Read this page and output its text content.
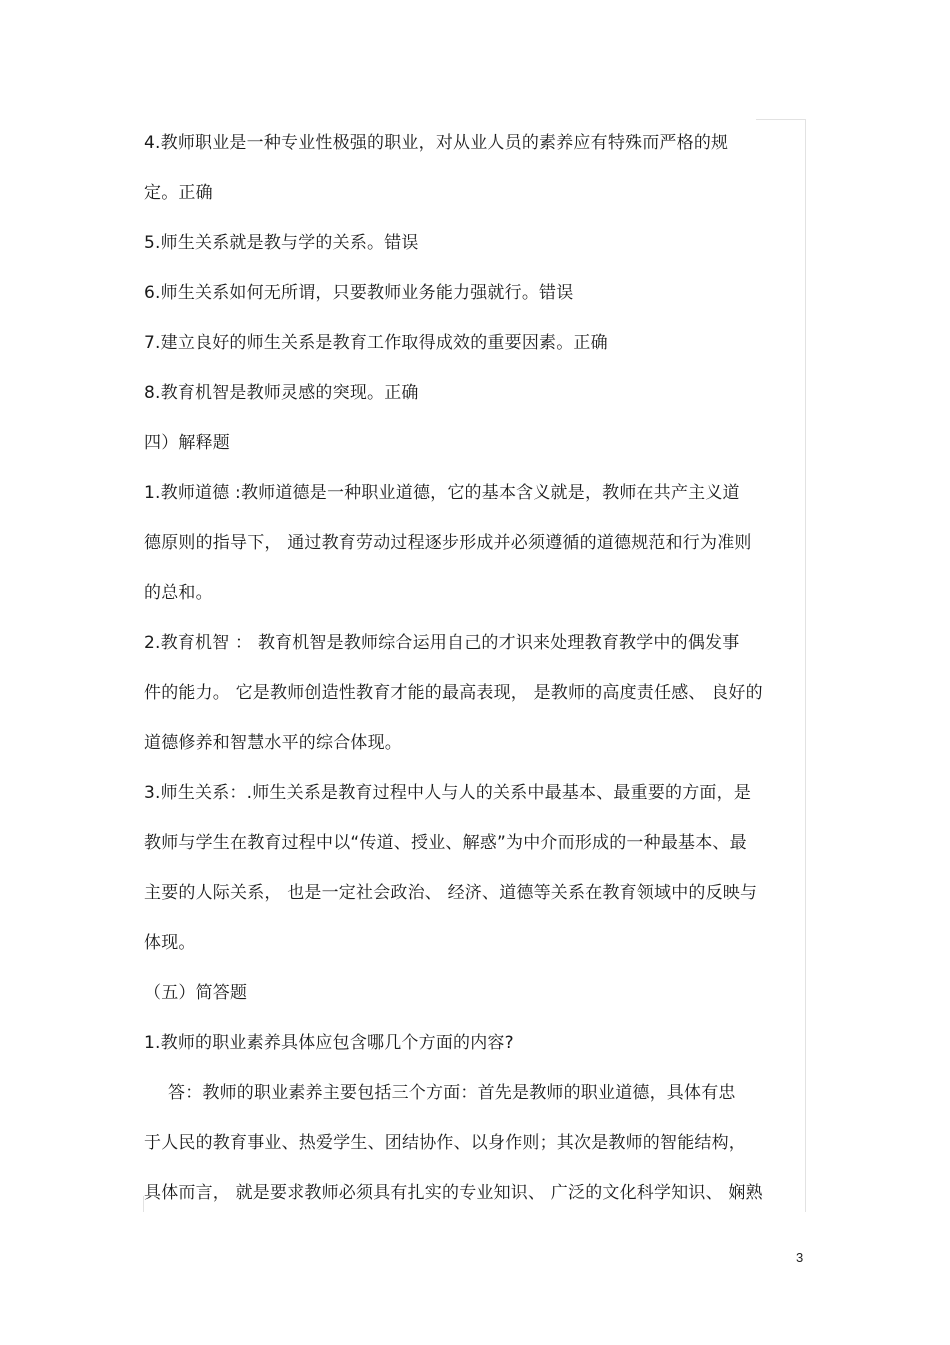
4.教师职业是一种专业性极强的职业，对从业人员的素养应有特殊而严格的规
定。正确
5.师生关系就是教与学的关系。错误
6.师生关系如何无所谓，只要教师业务能力强就行。错误
7.建立良好的师生关系是教育工作取得成效的重要因素。正确
8.教育机智是教师灵感的突现。正确
四）解释题
1.教师道德 :教师道德是一种职业道德，它的基本含义就是，教师在共产主义道
德原则的指导下， 通过教育劳动过程逐步形成并必须遵循的道德规范和行为准则
的总和。
2.教育机智 ： 教育机智是教师综合运用自己的才识来处理教育教学中的偶发事
件的能力。 它是教师创造性教育才能的最高表现， 是教师的高度责任感、 良好的
道德修养和智慧水平的综合体现。
3.师生关系：.师生关系是教育过程中人与人的关系中最基本、最重要的方面，是
教师与学生在教育过程中以“传道、授业、解惑”为中介而形成的一种最基本、最
主要的人际关系， 也是一定社会政治、 经济、道德等关系在教育领域中的反映与
体现。
（五）简答题
1.教师的职业素养具体应包含哪几个方面的内容?
答：教师的职业素养主要包括三个方面：首先是教师的职业道德，具体有忠
于人民的教育事业、热爱学生、团结协作、以身作则；其次是教师的智能结构，
具体而言， 就是要求教师必须具有扎实的专业知识、 广泛的文化科学知识、 娴熟
3
